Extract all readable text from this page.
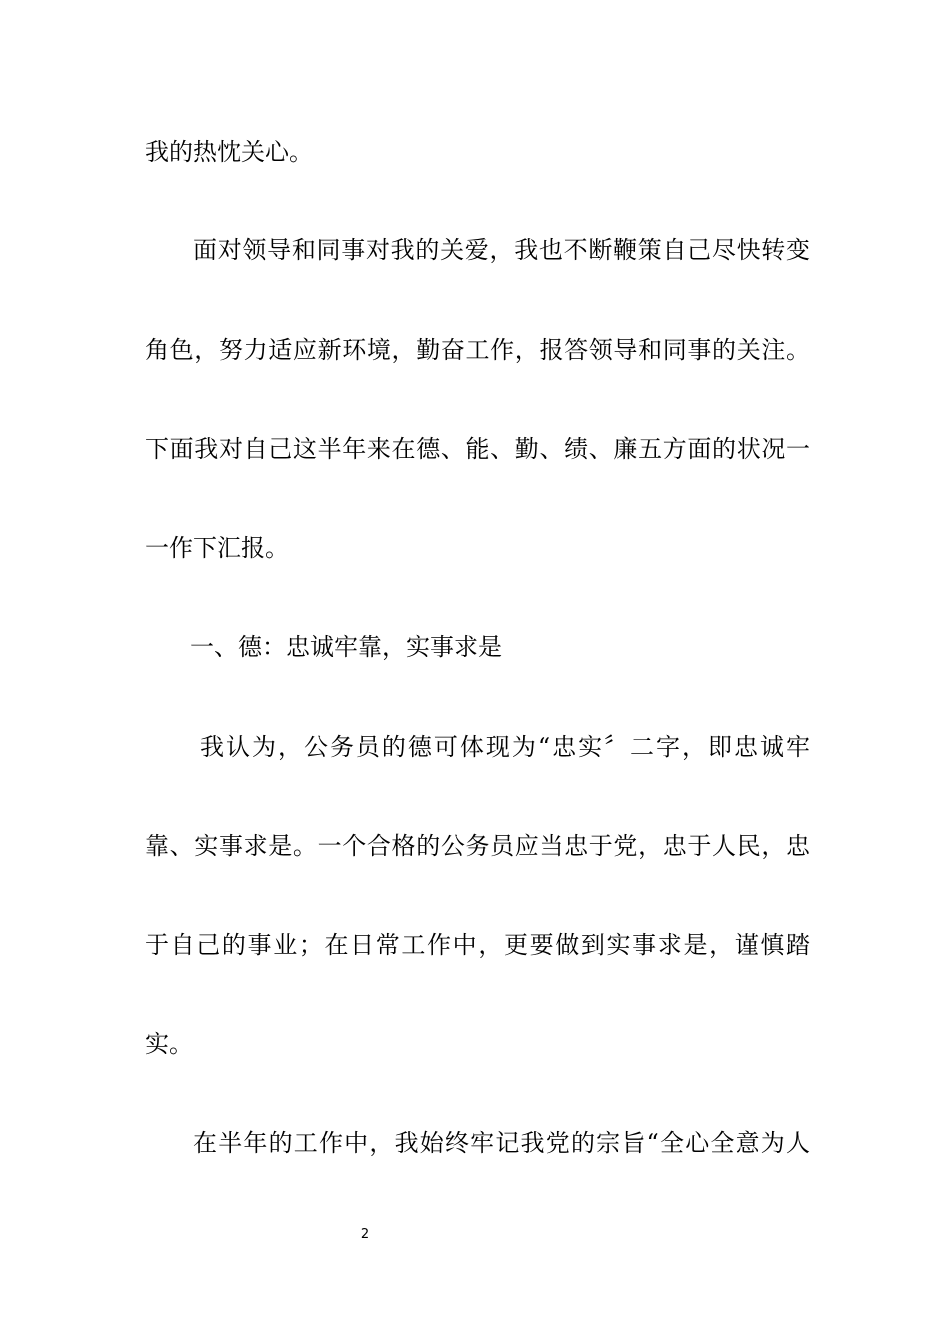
我的热忱关心。
面对领导和同事对我的关爱，我也不断鞭策自己尽快转变
角色，努力适应新环境，勤奋工作，报答领导和同事的关注。
下面我对自己这半年来在德、能、勤、绩、廉五方面的状况一
一作下汇报。
一、德：忠诚牢靠，实事求是
我认为，公务员的德可体现为“忠实〞二字，即忠诚牢
靠、实事求是。一个合格的公务员应当忠于党，忠于人民，忠
于自己的事业；在日常工作中，更要做到实事求是，谨慎踏
实。
在半年的工作中，我始终牢记我党的宗旨“全心全意为人
2
